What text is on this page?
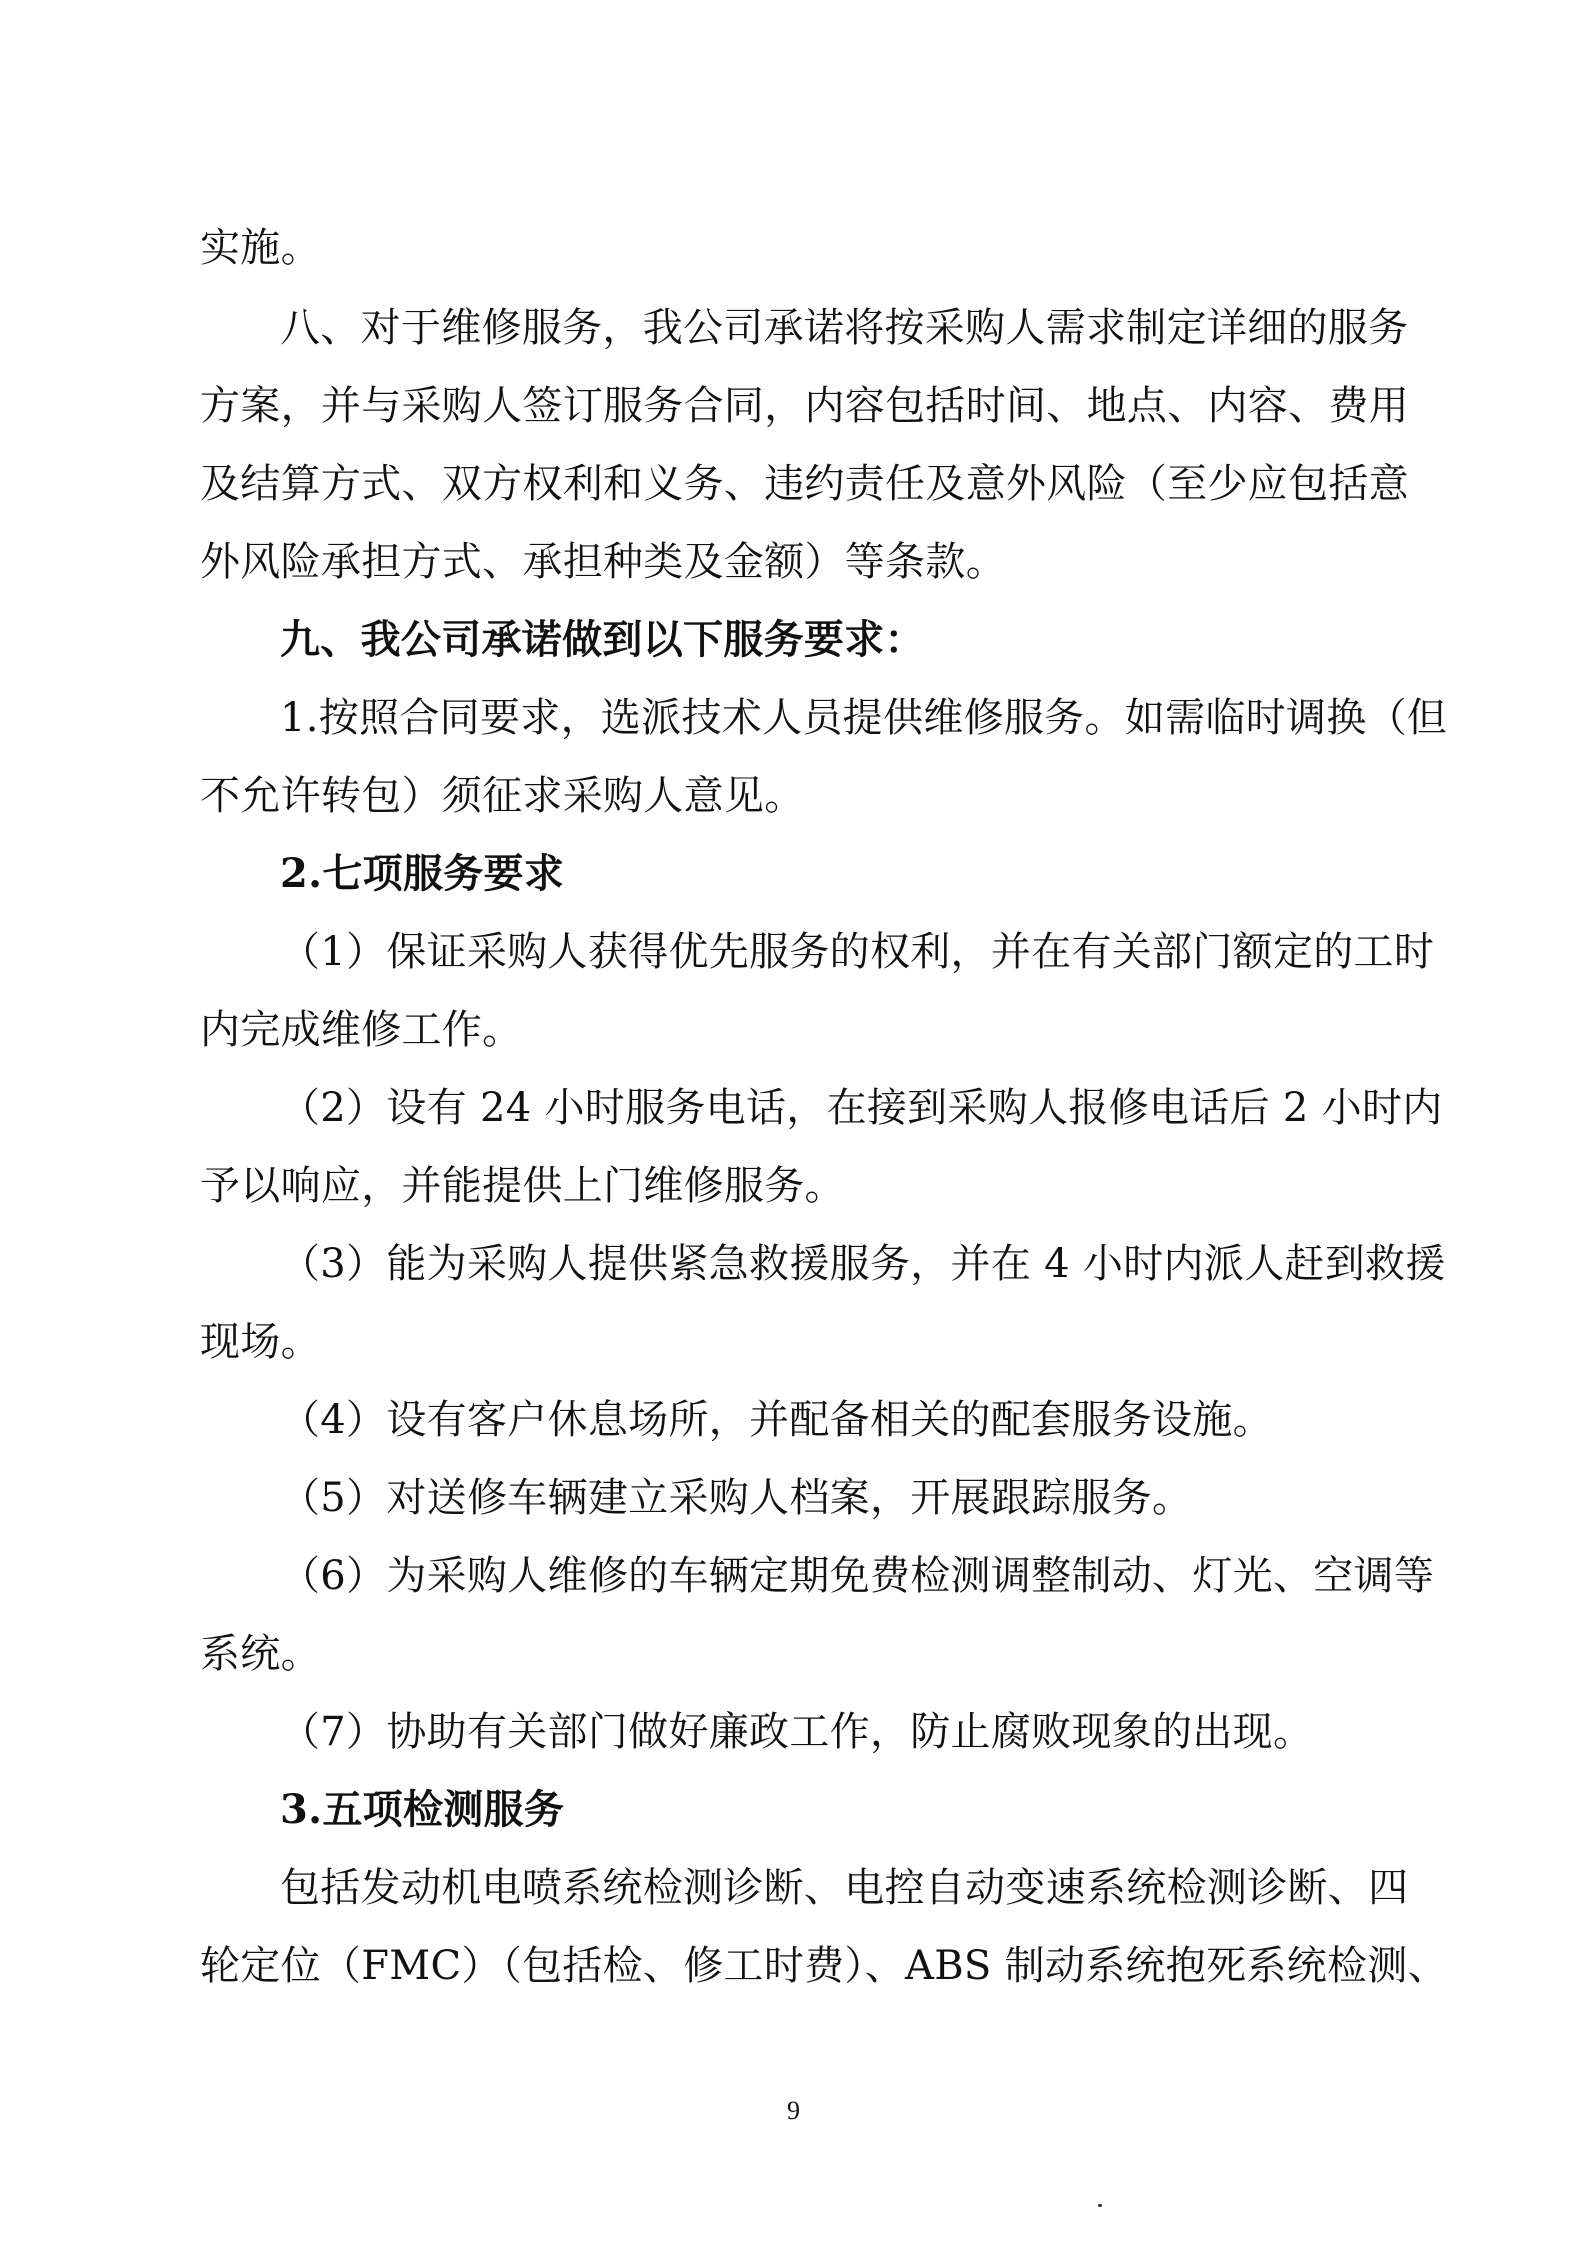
实施。
八、对于维修服务，我公司承诺将按采购人需求制定详细的服务
方案，并与采购人签订服务合同，内容包括时间、地点、内容、费用
及结算方式、双方权利和义务、违约责任及意外风险（至少应包括意
外风险承担方式、承担种类及金额）等条款。
九、我公司承诺做到以下服务要求：
1.按照合同要求，选派技术人员提供维修服务。如需临时调换（但
不允许转包）须征求采购人意见。
2.七项服务要求
（1）保证采购人获得优先服务的权利，并在有关部门额定的工时
内完成维修工作。
（2）设有 24 小时服务电话，在接到采购人报修电话后 2 小时内
予以响应，并能提供上门维修服务。
（3）能为采购人提供紧急救援服务，并在 4 小时内派人赶到救援
现场。
（4）设有客户休息场所，并配备相关的配套服务设施。
（5）对送修车辆建立采购人档案，开展跟踪服务。
（6）为采购人维修的车辆定期免费检测调整制动、灯光、空调等
系统。
（7）协助有关部门做好廉政工作，防止腐败现象的出现。
3.五项检测服务
包括发动机电喷系统检测诊断、电控自动变速系统检测诊断、四
轮定位（FMC）（包括检、修工时费）、ABS 制动系统抱死系统检测、
9
